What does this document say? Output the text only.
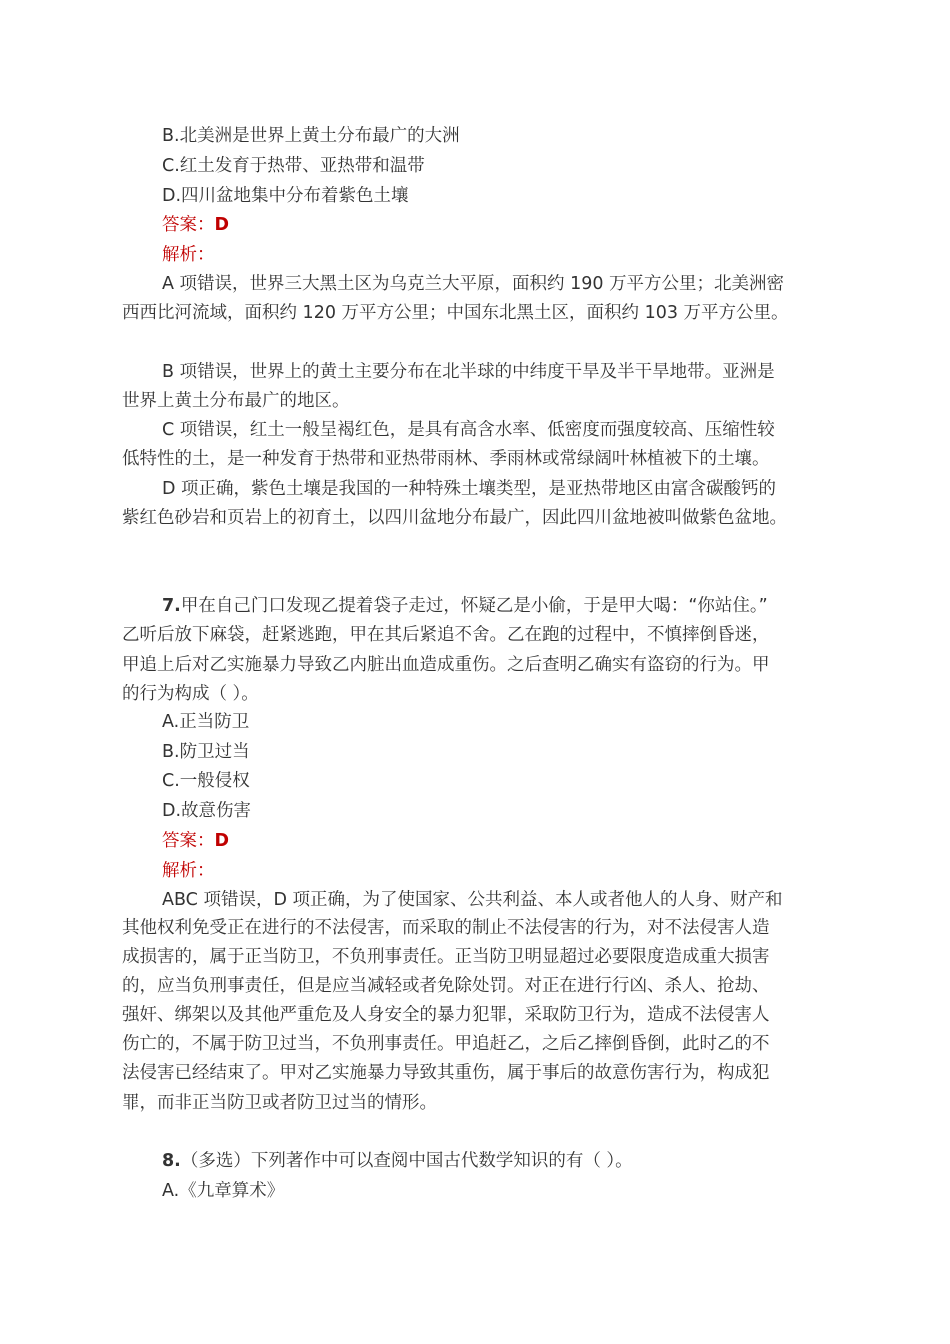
B.北美洲是世界上黄土分布最广的大洲
C.红土发育于热带、亚热带和温带
D.四川盆地集中分布着紫色土壤
答案：D
解析：
A 项错误，世界三大黑土区为乌克兰大平原，面积约 190 万平方公里；北美洲密
西西比河流域，面积约 120 万平方公里；中国东北黑土区，面积约 103 万平方公里。
B 项错误，世界上的黄土主要分布在北半球的中纬度干旱及半干旱地带。亚洲是
世界上黄土分布最广的地区。
C 项错误，红土一般呈褐红色，是具有高含水率、低密度而强度较高、压缩性较
低特性的土，是一种发育于热带和亚热带雨林、季雨林或常绿阔叶林植被下的土壤。
D 项正确，紫色土壤是我国的一种特殊土壤类型，是亚热带地区由富含碳酸钙的
紫红色砂岩和页岩上的初育土，以四川盆地分布最广，因此四川盆地被叫做紫色盆地。
7.甲在自己门口发现乙提着袋子走过，怀疑乙是小偷，于是甲大喝：“你站住。”
乙听后放下麻袋，赶紧逃跑，甲在其后紧追不舍。乙在跑的过程中，不慎摔倒昏迷，
甲追上后对乙实施暴力导致乙内脏出血造成重伤。之后查明乙确实有盗窃的行为。甲
的行为构成（ ）。
A.正当防卫
B.防卫过当
C.一般侵权
D.故意伤害
答案：D
解析：
ABC 项错误，D 项正确，为了使国家、公共利益、本人或者他人的人身、财产和
其他权利免受正在进行的不法侵害，而采取的制止不法侵害的行为，对不法侵害人造
成损害的，属于正当防卫，不负刑事责任。正当防卫明显超过必要限度造成重大损害
的，应当负刑事责任，但是应当减轻或者免除处罚。对正在进行行凶、杀人、抢劫、
强奸、绑架以及其他严重危及人身安全的暴力犯罪，采取防卫行为，造成不法侵害人
伤亡的，不属于防卫过当，不负刑事责任。甲追赶乙，之后乙摔倒昏倒，此时乙的不
法侵害已经结束了。甲对乙实施暴力导致其重伤，属于事后的故意伤害行为，构成犯
罪，而非正当防卫或者防卫过当的情形。
8.（多选）下列著作中可以查阅中国古代数学知识的有（ ）。
A.《九章算术》
